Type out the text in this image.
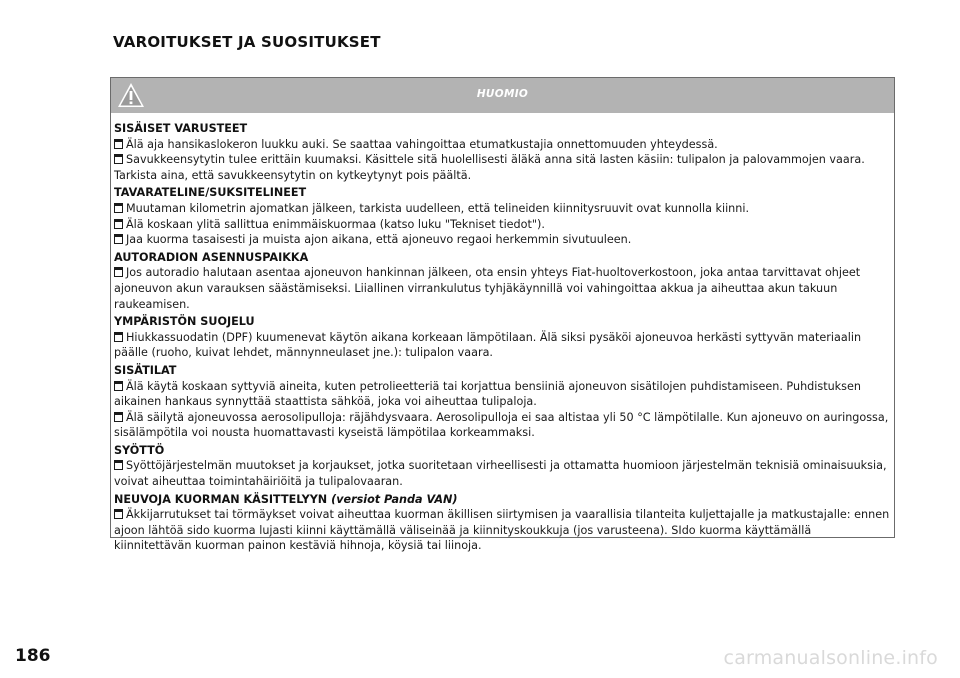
VAROITUKSET JA SUOSITUKSET
HUOMIO
SISÄISET VARUSTEET
Älä aja hansikaslokeron luukku auki. Se saattaa vahingoittaa etumatkustajia onnettomuuden yhteydessä.
Savukkeensytytin tulee erittäin kuumaksi. Käsittele sitä huolellisesti äläkä anna sitä lasten käsiin: tulipalon ja palovammojen vaara. Tarkista aina, että savukkeensytytin on kytkeytynyt pois päältä.
TAVARATELINE/SUKSITELINEET
Muutaman kilometrin ajomatkan jälkeen, tarkista uudelleen, että telineiden kiinnitysruuvit ovat kunnolla kiinni.
Älä koskaan ylitä sallittua enimmäiskuormaa (katso luku "Tekniset tiedot").
Jaa kuorma tasaisesti ja muista ajon aikana, että ajoneuvo regaoi herkemmin sivutuuleen.
AUTORADION ASENNUSPAIKKA
Jos autoradio halutaan asentaa ajoneuvon hankinnan jälkeen, ota ensin yhteys Fiat-huoltoverkostoon, joka antaa tarvittavat ohjeet ajoneuvon akun varauksen säästämiseksi. Liiallinen virrankulutus tyhjäkäynnillä voi vahingoittaa akkua ja aiheuttaa akun takuun raukeamisen.
YMPÄRISTÖN SUOJELU
Hiukkassuodatin (DPF) kuumenevat käytön aikana korkeaan lämpötilaan. Älä siksi pysäköi ajoneuvoa herkästi syttyvän materiaalin päälle (ruoho, kuivat lehdet, männynneulaset jne.): tulipalon vaara.
SISÄTILAT
Älä käytä koskaan syttyviä aineita, kuten petrolieetteriä tai korjattua bensiiniä ajoneuvon sisätilojen puhdistamiseen. Puhdistuksen aikainen hankaus synnyttää staattista sähköä, joka voi aiheuttaa tulipaloja.
Älä säilytä ajoneuvossa aerosolipulloja: räjähdysvaara. Aerosolipulloja ei saa altistaa yli 50 °C lämpötilalle. Kun ajoneuvo on auringossa, sisälämpötila voi nousta huomattavasti kyseistä lämpötilaa korkeammaksi.
SYÖTTÖ
Syöttöjärjestelmän muutokset ja korjaukset, jotka suoritetaan virheellisesti ja ottamatta huomioon järjestelmän teknisiä ominaisuuksia, voivat aiheuttaa toimintahäiriöitä ja tulipalovaaran.
NEUVOJA KUORMAN KÄSITTELYYN (versiot Panda VAN)
Äkkijarrutukset tai törmäykset voivat aiheuttaa kuorman äkillisen siirtymisen ja vaarallisia tilanteita kuljettajalle ja matkustajalle: ennen ajoon lähtöä sido kuorma lujasti kiinni käyttämällä väliseinää ja kiinnityskoukkuja (jos varusteena). SIdo kuorma käyttämällä kiinnitettävän kuorman painon kestäviä hihnoja, köysiä tai liinoja.
186	carmanualsonline.info
